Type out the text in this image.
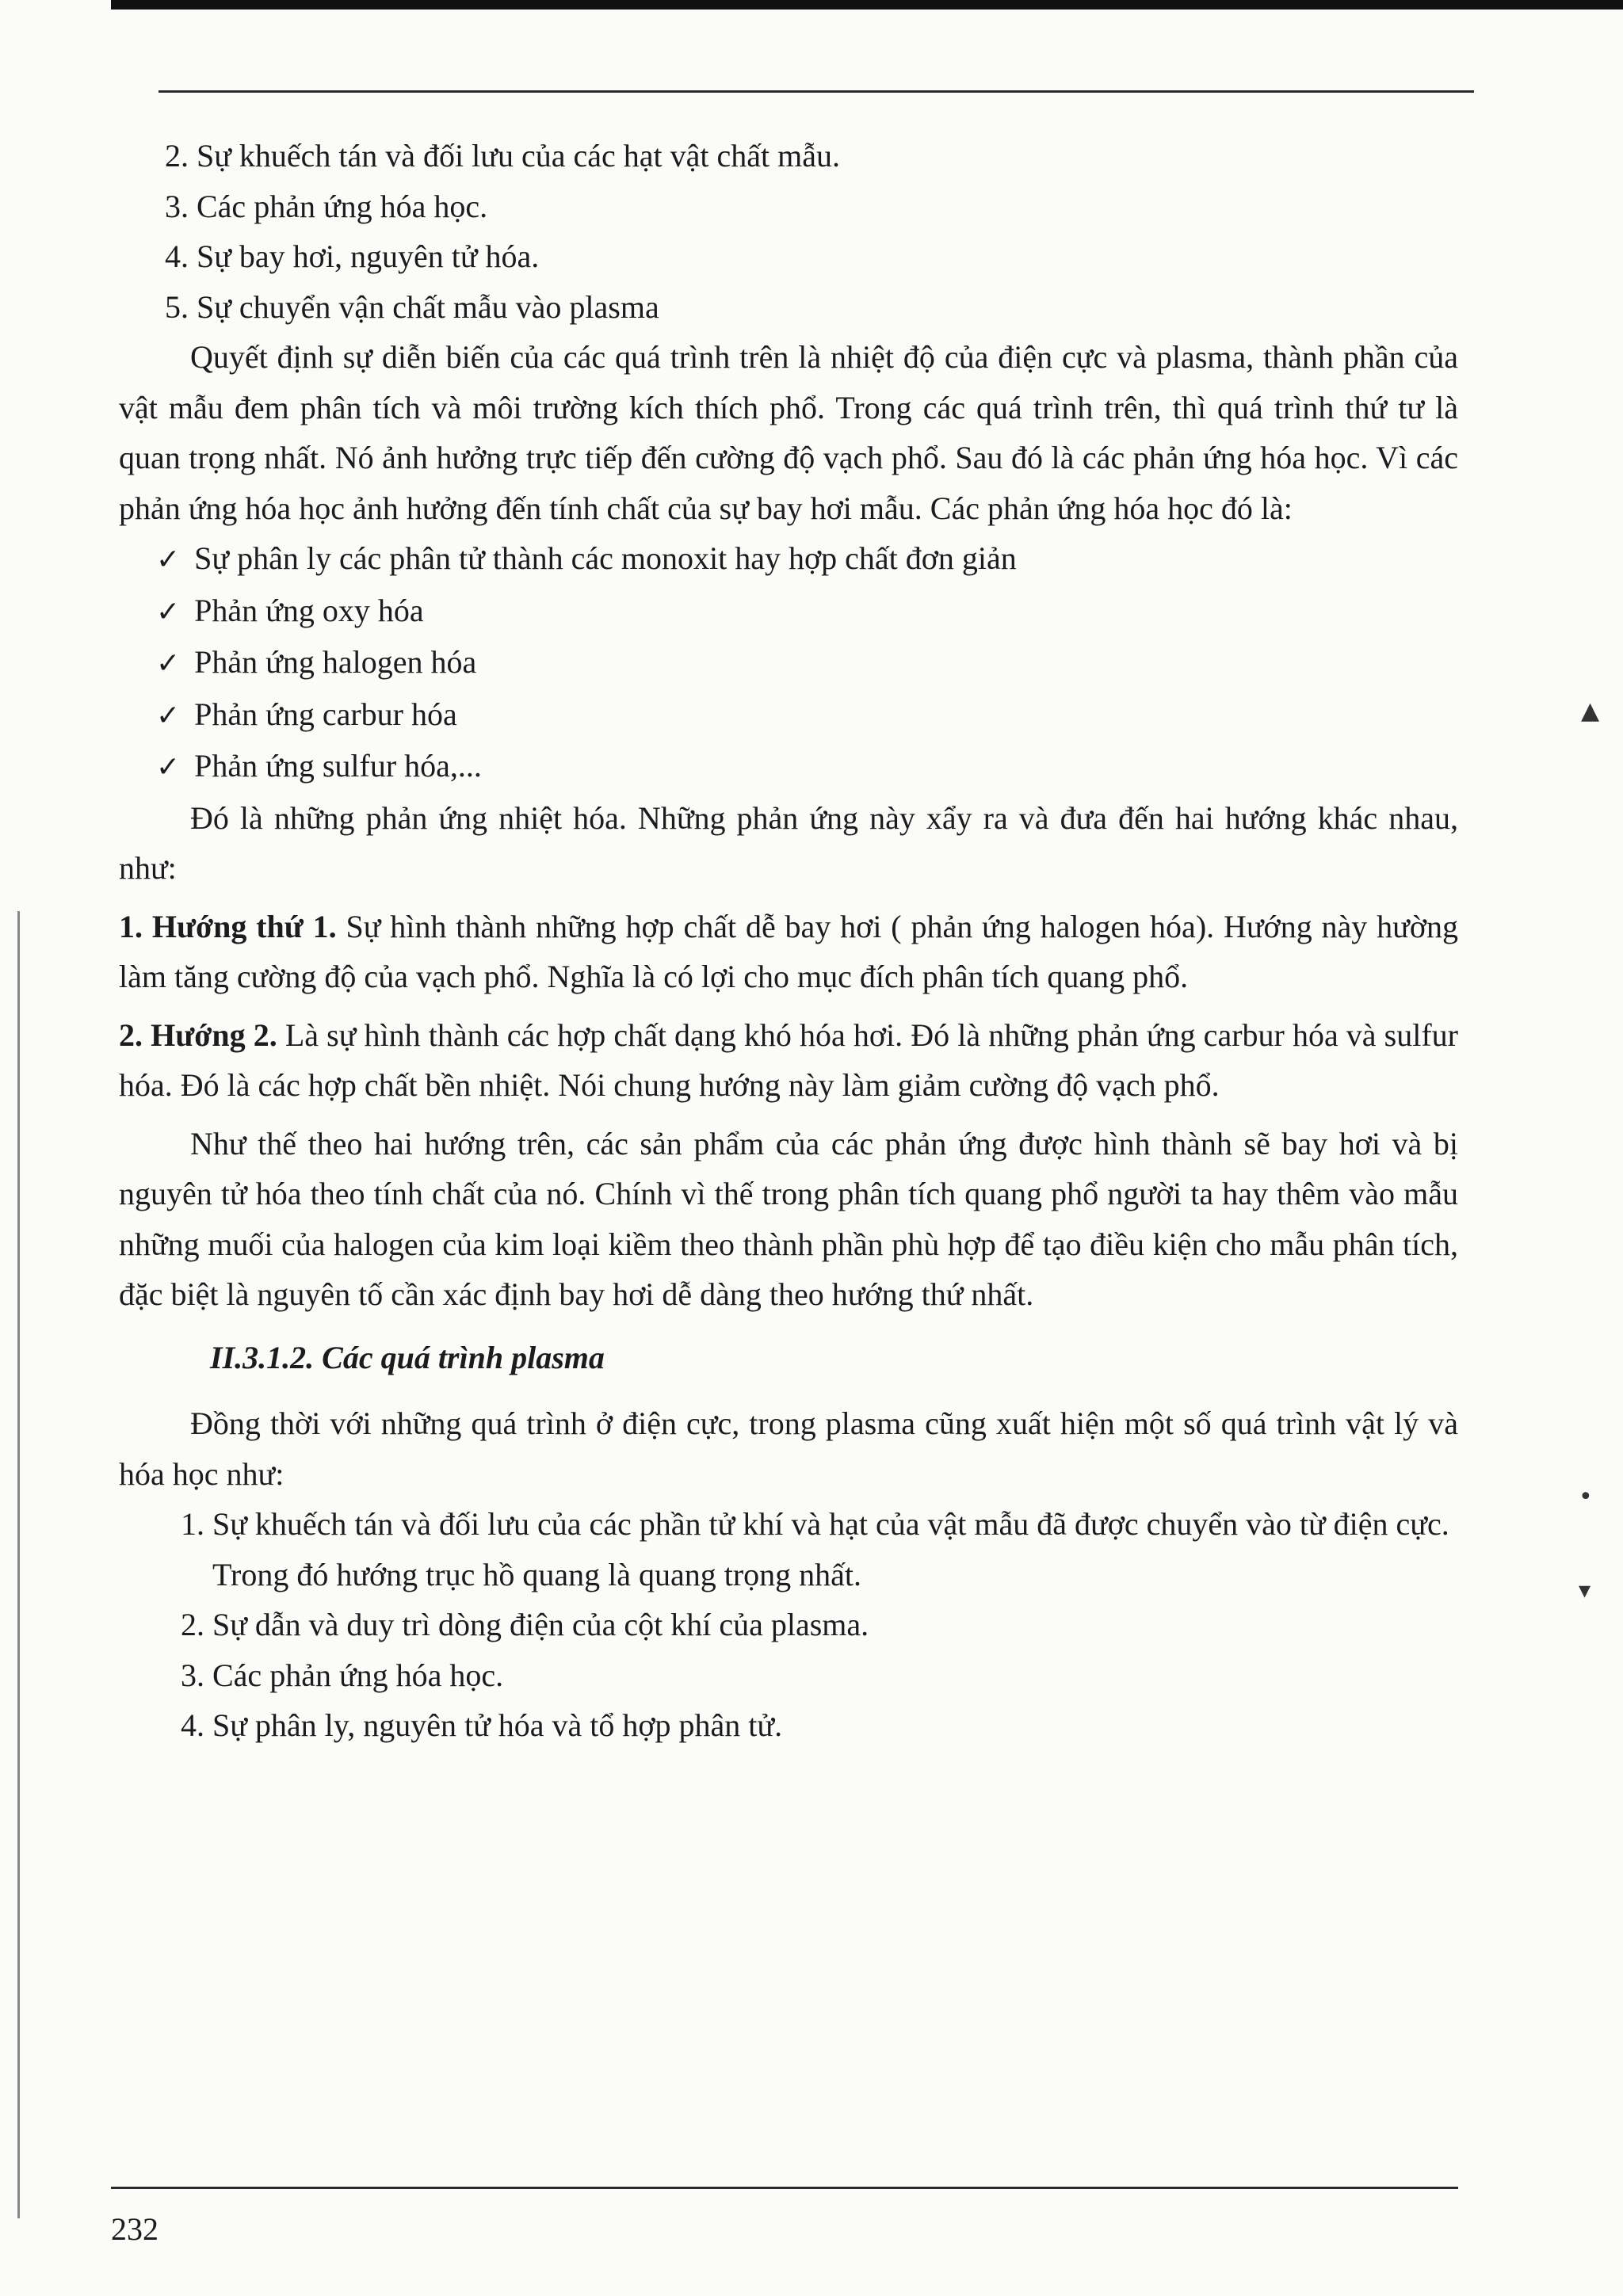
2. Sự khuếch tán và đối lưu của các hạt vật chất mẫu.

3. Các phản ứng hóa học.

4. Sự bay hơi, nguyên tử hóa.

5. Sự chuyển vận chất mẫu vào plasma

Quyết định sự diễn biến của các quá trình trên là nhiệt độ của điện cực và plasma, thành phần của vật mẫu đem phân tích và môi trường kích thích phổ. Trong các quá trình trên, thì quá trình thứ tư là quan trọng nhất. Nó ảnh hưởng trực tiếp đến cường độ vạch phổ. Sau đó là các phản ứng hóa học. Vì các phản ứng hóa học ảnh hưởng đến tính chất của sự bay hơi mẫu. Các phản ứng hóa học đó là:

✓ Sự phân ly các phân tử thành các monoxit hay hợp chất đơn giản

✓ Phản ứng oxy hóa

✓ Phản ứng halogen hóa

✓ Phản ứng carbur hóa

✓ Phản ứng sulfur hóa,...

Đó là những phản ứng nhiệt hóa. Những phản ứng này xẩy ra và đưa đến hai hướng khác nhau, như:

1. Hướng thứ 1. Sự hình thành những hợp chất dễ bay hơi ( phản ứng halogen hóa). Hướng này hường làm tăng cường độ của vạch phổ. Nghĩa là có lợi cho mục đích phân tích quang phổ.

2. Hướng 2. Là sự hình thành các hợp chất dạng khó hóa hơi. Đó là những phản ứng carbur hóa và sulfur hóa. Đó là các hợp chất bền nhiệt. Nói chung hướng này làm giảm cường độ vạch phổ.

Như thế theo hai hướng trên, các sản phẩm của các phản ứng được hình thành sẽ bay hơi và bị nguyên tử hóa theo tính chất của nó. Chính vì thế trong phân tích quang phổ người ta hay thêm vào mẫu những muối của halogen của kim loại kiềm theo thành phần phù hợp để tạo điều kiện cho mẫu phân tích, đặc biệt là nguyên tố cần xác định bay hơi dễ dàng theo hướng thứ nhất.

II.3.1.2. Các quá trình plasma

Đồng thời với những quá trình ở điện cực, trong plasma cũng xuất hiện một số quá trình vật lý và hóa học như:

1. Sự khuếch tán và đối lưu của các phần tử khí và hạt của vật mẫu đã được chuyển vào từ điện cực. Trong đó hướng trục hồ quang là quang trọng nhất.

2. Sự dẫn và duy trì dòng điện của cột khí của plasma.

3. Các phản ứng hóa học.

4. Sự phân ly, nguyên tử hóa và tổ hợp phân tử.

▲
•
▾
232
